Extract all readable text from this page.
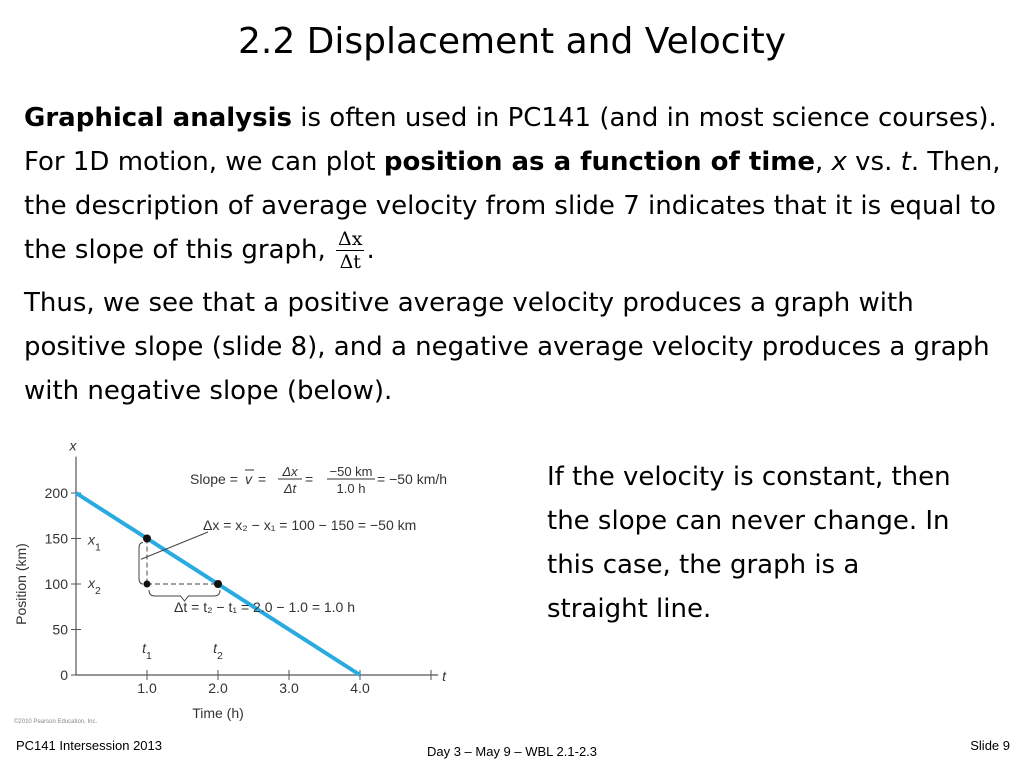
2.2 Displacement and Velocity

Graphical analysis is often used in PC141 (and in most science courses). For 1D motion, we can plot position as a function of time, x vs. t. Then, the description of average velocity from slide 7 indicates that it is equal to the slope of this graph, $\frac{\Delta x}{\Delta t}$ .

Thus, we see that a positive average velocity produces a graph with positive slope (slide 8), and a negative average velocity produces a graph with negative slope (below).

x
t
0
50
100
150
200
1.0	2.0	3.0	4.0
Time (h)
Position (km)
$x_1$
$x_2$
$t_1$	$t_2$
Slope = v = Δx
Δt
= −50 km
1.0 h
= −50 km/h
Δx = x₂ − x₁ = 100 − 150 = −50 km
Δt = t₂ − t₁ = 2.0 − 1.0 = 1.0 h
©2010 Pearson Education, Inc.
If the velocity is constant, then the slope can never change. In this case, the graph is a straight line.
PC141 Intersession 2013	Day 3 – May 9 – WBL 2.1-2.3	Slide 9
